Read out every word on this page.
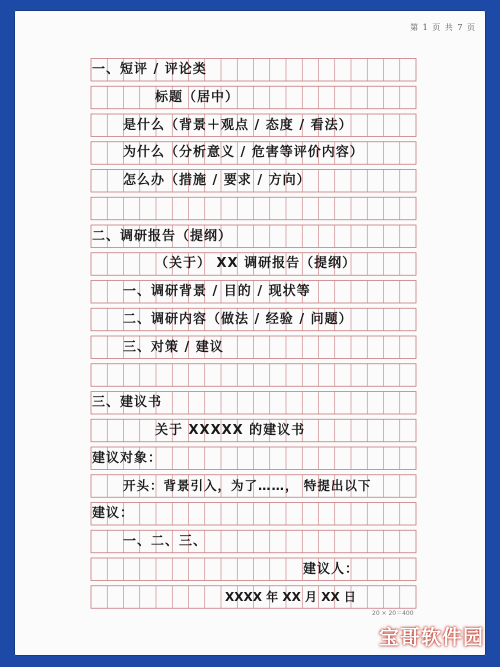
第 1 页 共 7 页
一、短评 / 评论类
标题（居中）
是什么（背景＋观点 / 态度 / 看法）
为什么（分析意义 / 危害等评价内容）
怎么办（措施 / 要求 / 方向）
二、调研报告（提纲）
（关于） XX 调研报告（提纲）
一、调研背景 / 目的 / 现状等
二、调研内容（做法 / 经验 / 问题）
三、对策 / 建议
三、建议书
关于 XXXXX 的建议书
建议对象：
开头：背景引入，为了……， 特提出以下
建议：
一、二、三、
建议人：
XXXX 年 XX 月 XX 日
20 × 20＝400
宝哥软件园
中国红领巾网
